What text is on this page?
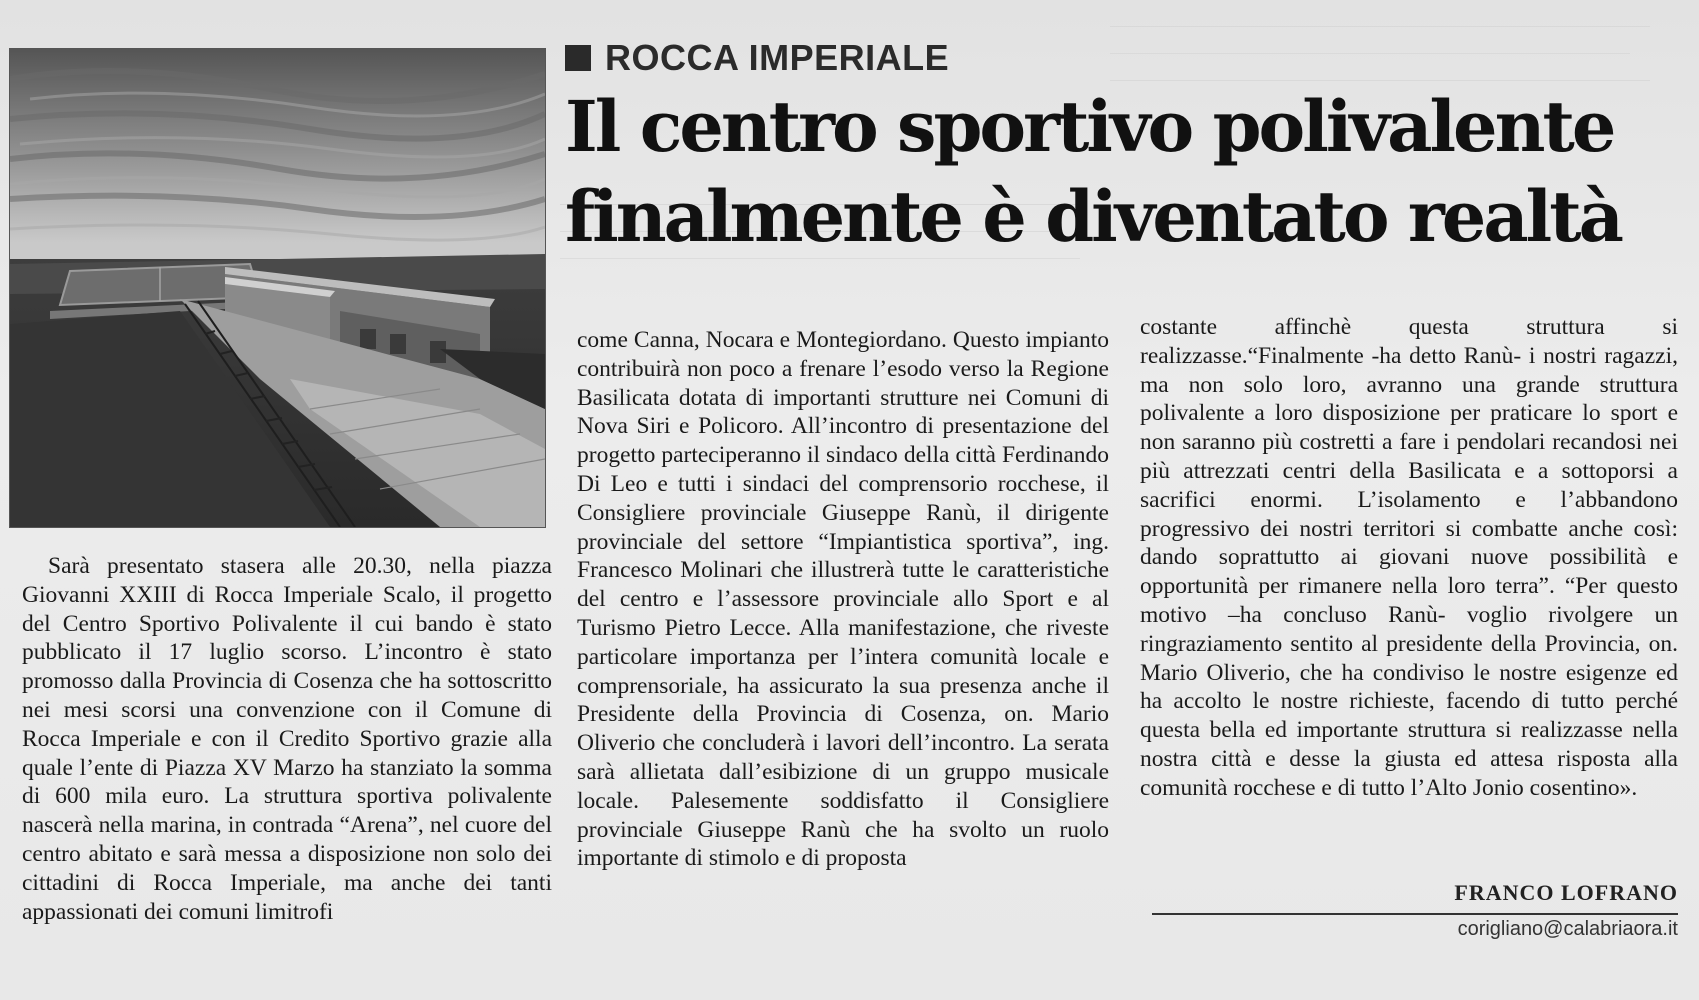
ROCCA IMPERIALE
Il centro sportivo polivalente
finalmente è diventato realtà

Sarà presentato stasera alle 20.30, nella piazza Giovanni XXIII di Rocca Imperiale Scalo, il progetto del Centro Sportivo Polivalente il cui bando è stato pubblicato il 17 luglio scorso. L’incontro è stato promosso dalla Provincia di Cosenza che ha sottoscritto nei mesi scorsi una convenzione con il Comune di Rocca Imperiale e con il Credito Sportivo grazie alla quale l’ente di Piazza XV Marzo ha stanziato la somma di 600 mila euro. La struttura sportiva polivalente nascerà nella marina, in contrada “Arena”, nel cuore del centro abitato e sarà messa a disposizione non solo dei cittadini di Rocca Imperiale, ma anche dei tanti appassionati dei comuni limitrofi

come Canna, Nocara e Montegiordano. Questo impianto contribuirà non poco a frenare l’esodo verso la Regione Basilicata dotata di importanti strutture nei Comuni di Nova Siri e Policoro. All’incontro di presentazione del progetto parteciperanno il sindaco della città Ferdinando Di Leo e tutti i sindaci del comprensorio rocchese, il Consigliere provinciale Giuseppe Ranù, il dirigente provinciale del settore “Impiantistica sportiva”, ing. Francesco Molinari che illustrerà tutte le caratteristiche del centro e l’assessore provinciale allo Sport e al Turismo Pietro Lecce. Alla manifestazione, che riveste particolare importanza per l’intera comunità locale e comprensoriale, ha assicurato la sua presenza anche il Presidente della Provincia di Cosenza, on. Mario Oliverio che concluderà i lavori dell’incontro. La serata sarà allietata dall’esibizione di un gruppo musicale locale. Palesemente soddisfatto il Consigliere provinciale Giuseppe Ranù che ha svolto un ruolo importante di stimolo e di proposta

costante affinchè questa struttura si realizzasse.“Finalmente -ha detto Ranù- i nostri ragazzi, ma non solo loro, avranno una grande struttura polivalente a loro disposizione per praticare lo sport e non saranno più costretti a fare i pendolari recandosi nei più attrezzati centri della Basilicata e a sottoporsi a sacrifici enormi. L’isolamento e l’abbandono progressivo dei nostri territori si combatte anche così: dando soprattutto ai giovani nuove possibilità e opportunità per rimanere nella loro terra”. “Per questo motivo –ha concluso Ranù- voglio rivolgere un ringraziamento sentito al presidente della Provincia, on. Mario Oliverio, che ha condiviso le nostre esigenze ed ha accolto le nostre richieste, facendo di tutto perché questa bella ed importante struttura si realizzasse nella nostra città e desse la giusta ed attesa risposta alla comunità rocchese e di tutto l’Alto Jonio cosentino».

FRANCO LOFRANO
corigliano@calabriaora.it
